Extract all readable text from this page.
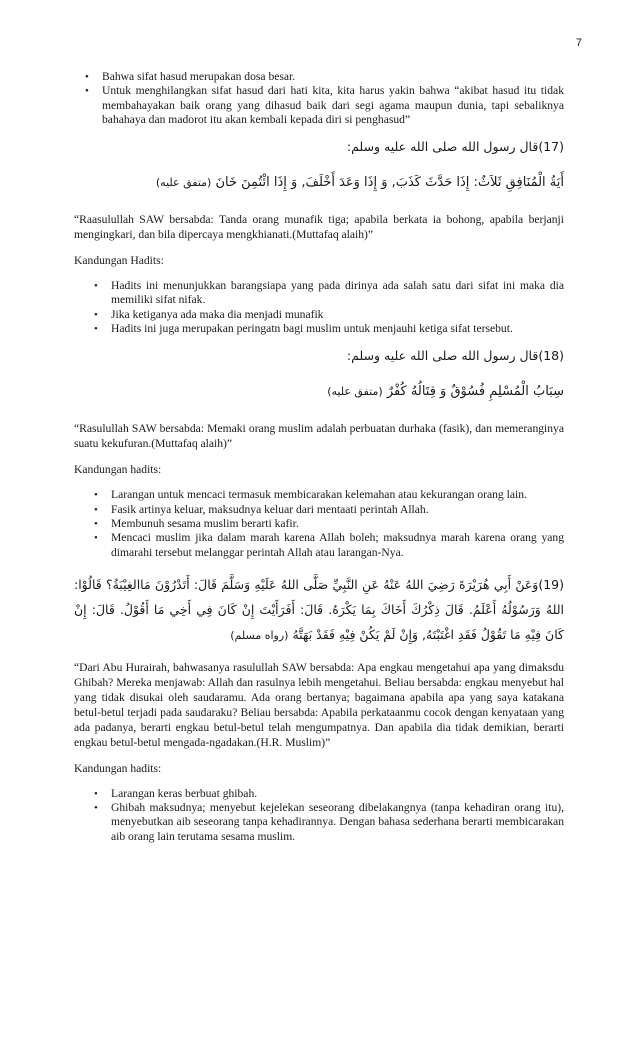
7
• Bahwa sifat hasud merupakan dosa besar.
• Untuk menghilangkan sifat hasud dari hati kita, kita harus yakin bahwa “akibat hasud itu tidak membahayakan baik orang yang dihasud baik dari segi agama maupun dunia, tapi sebaliknya bahahaya dan madorot itu akan kembali kepada diri si penghasud”
(17)قال رسول الله صلى الله عليه وسلم:
أَيَةُ الْمُنَافِقِ ثَلاَثٌ: إِذَا حَدَّثَ كَذَبَ, وَ إِذَا وَعَدَ أَخْلَفَ, وَ إِذَا ائْتُمِنَ خَانَ (متفق عليه)

“Raasulullah SAW bersabda: Tanda orang munafik tiga; apabila berkata ia bohong, apabila berjanji mengingkari, dan bila dipercaya mengkhianati.(Muttafaq alaih)”

Kandungan Hadits:

• Hadits ini menunjukkan barangsiapa yang pada dirinya ada salah satu dari sifat ini maka dia memiliki sifat nifak.
• Jika ketiganya ada maka dia menjadi munafik
• Hadits ini juga merupakan peringatn bagi muslim untuk menjauhi ketiga sifat tersebut.
(18)قال رسول الله صلى الله عليه وسلم:
سِبَابُ الْمُسْلِمِ فُسُوْقٌ وَ قِتَالُهُ كُفْرٌ (متفق عليه)

“Rasulullah SAW bersabda: Memaki orang muslim adalah perbuatan durhaka (fasik), dan memeranginya suatu kekufuran.(Muttafaq alaih)”

Kandungan hadits:

• Larangan untuk mencaci termasuk membicarakan kelemahan atau kekurangan orang lain.
• Fasik artinya keluar, maksudnya keluar dari mentaati perintah Allah.
• Membunuh sesama muslim berarti kafir.
• Mencaci muslim jika dalam marah karena Allah boleh; maksudnya marah karena orang yang dimarahi tersebut melanggar perintah Allah atau larangan-Nya.
(19)وَعَنْ أَبِي هُرَيْرَةَ رَضِيَ اللهُ عَنْهُ عَنِ النَّبِيِّ صَلَّى اللهُ عَلَيْهِ وَسَلَّمَ قَالَ: أَتَدْرُوْنَ مَاالغِيْبَةُ؟ قَالُوْا: اللهُ وَرَسُوْلُهُ أَعْلَمُ. قَالَ ذِكْرُكَ أَخَاكَ بِمَا يَكْرَهُ. قَالَ: أَفَرَأَيْتَ إِنْ كَانَ فِي أَخِي مَا أَقُوْلُ. قَالَ: إِنْ كَانَ فِيْهِ مَا تَقُوْلُ فَقَدِ اغْتَبْتَهُ, وَإِنْ لَمْ يَكُنْ فِيْهِ فَقَدْ بَهَتَّهُ (رواه مسلم)

“Dari Abu Hurairah, bahwasanya rasulullah SAW bersabda: Apa engkau mengetahui apa yang dimaksdu Ghibah? Mereka menjawab: Allah dan rasulnya lebih mengetahui. Beliau bersabda: engkau menyebut hal yang tidak disukai oleh saudaramu. Ada orang bertanya; bagaimana apabila apa yang saya katakana betul-betul terjadi pada saudaraku? Beliau bersabda: Apabila perkataanmu cocok dengan kenyataan yang ada padanya, berarti engkau betul-betul telah mengumpatnya. Dan apabila dia tidak demikian, berarti engkau betul-betul mengada-ngadakan.(H.R. Muslim)”

Kandungan hadits:

• Larangan keras berbuat ghibah.
• Ghibah maksudnya; menyebut kejelekan seseorang dibelakangnya (tanpa kehadiran orang itu), menyebutkan aib seseorang tanpa kehadirannya. Dengan bahasa sederhana berarti membicarakan aib orang lain terutama sesama muslim.
